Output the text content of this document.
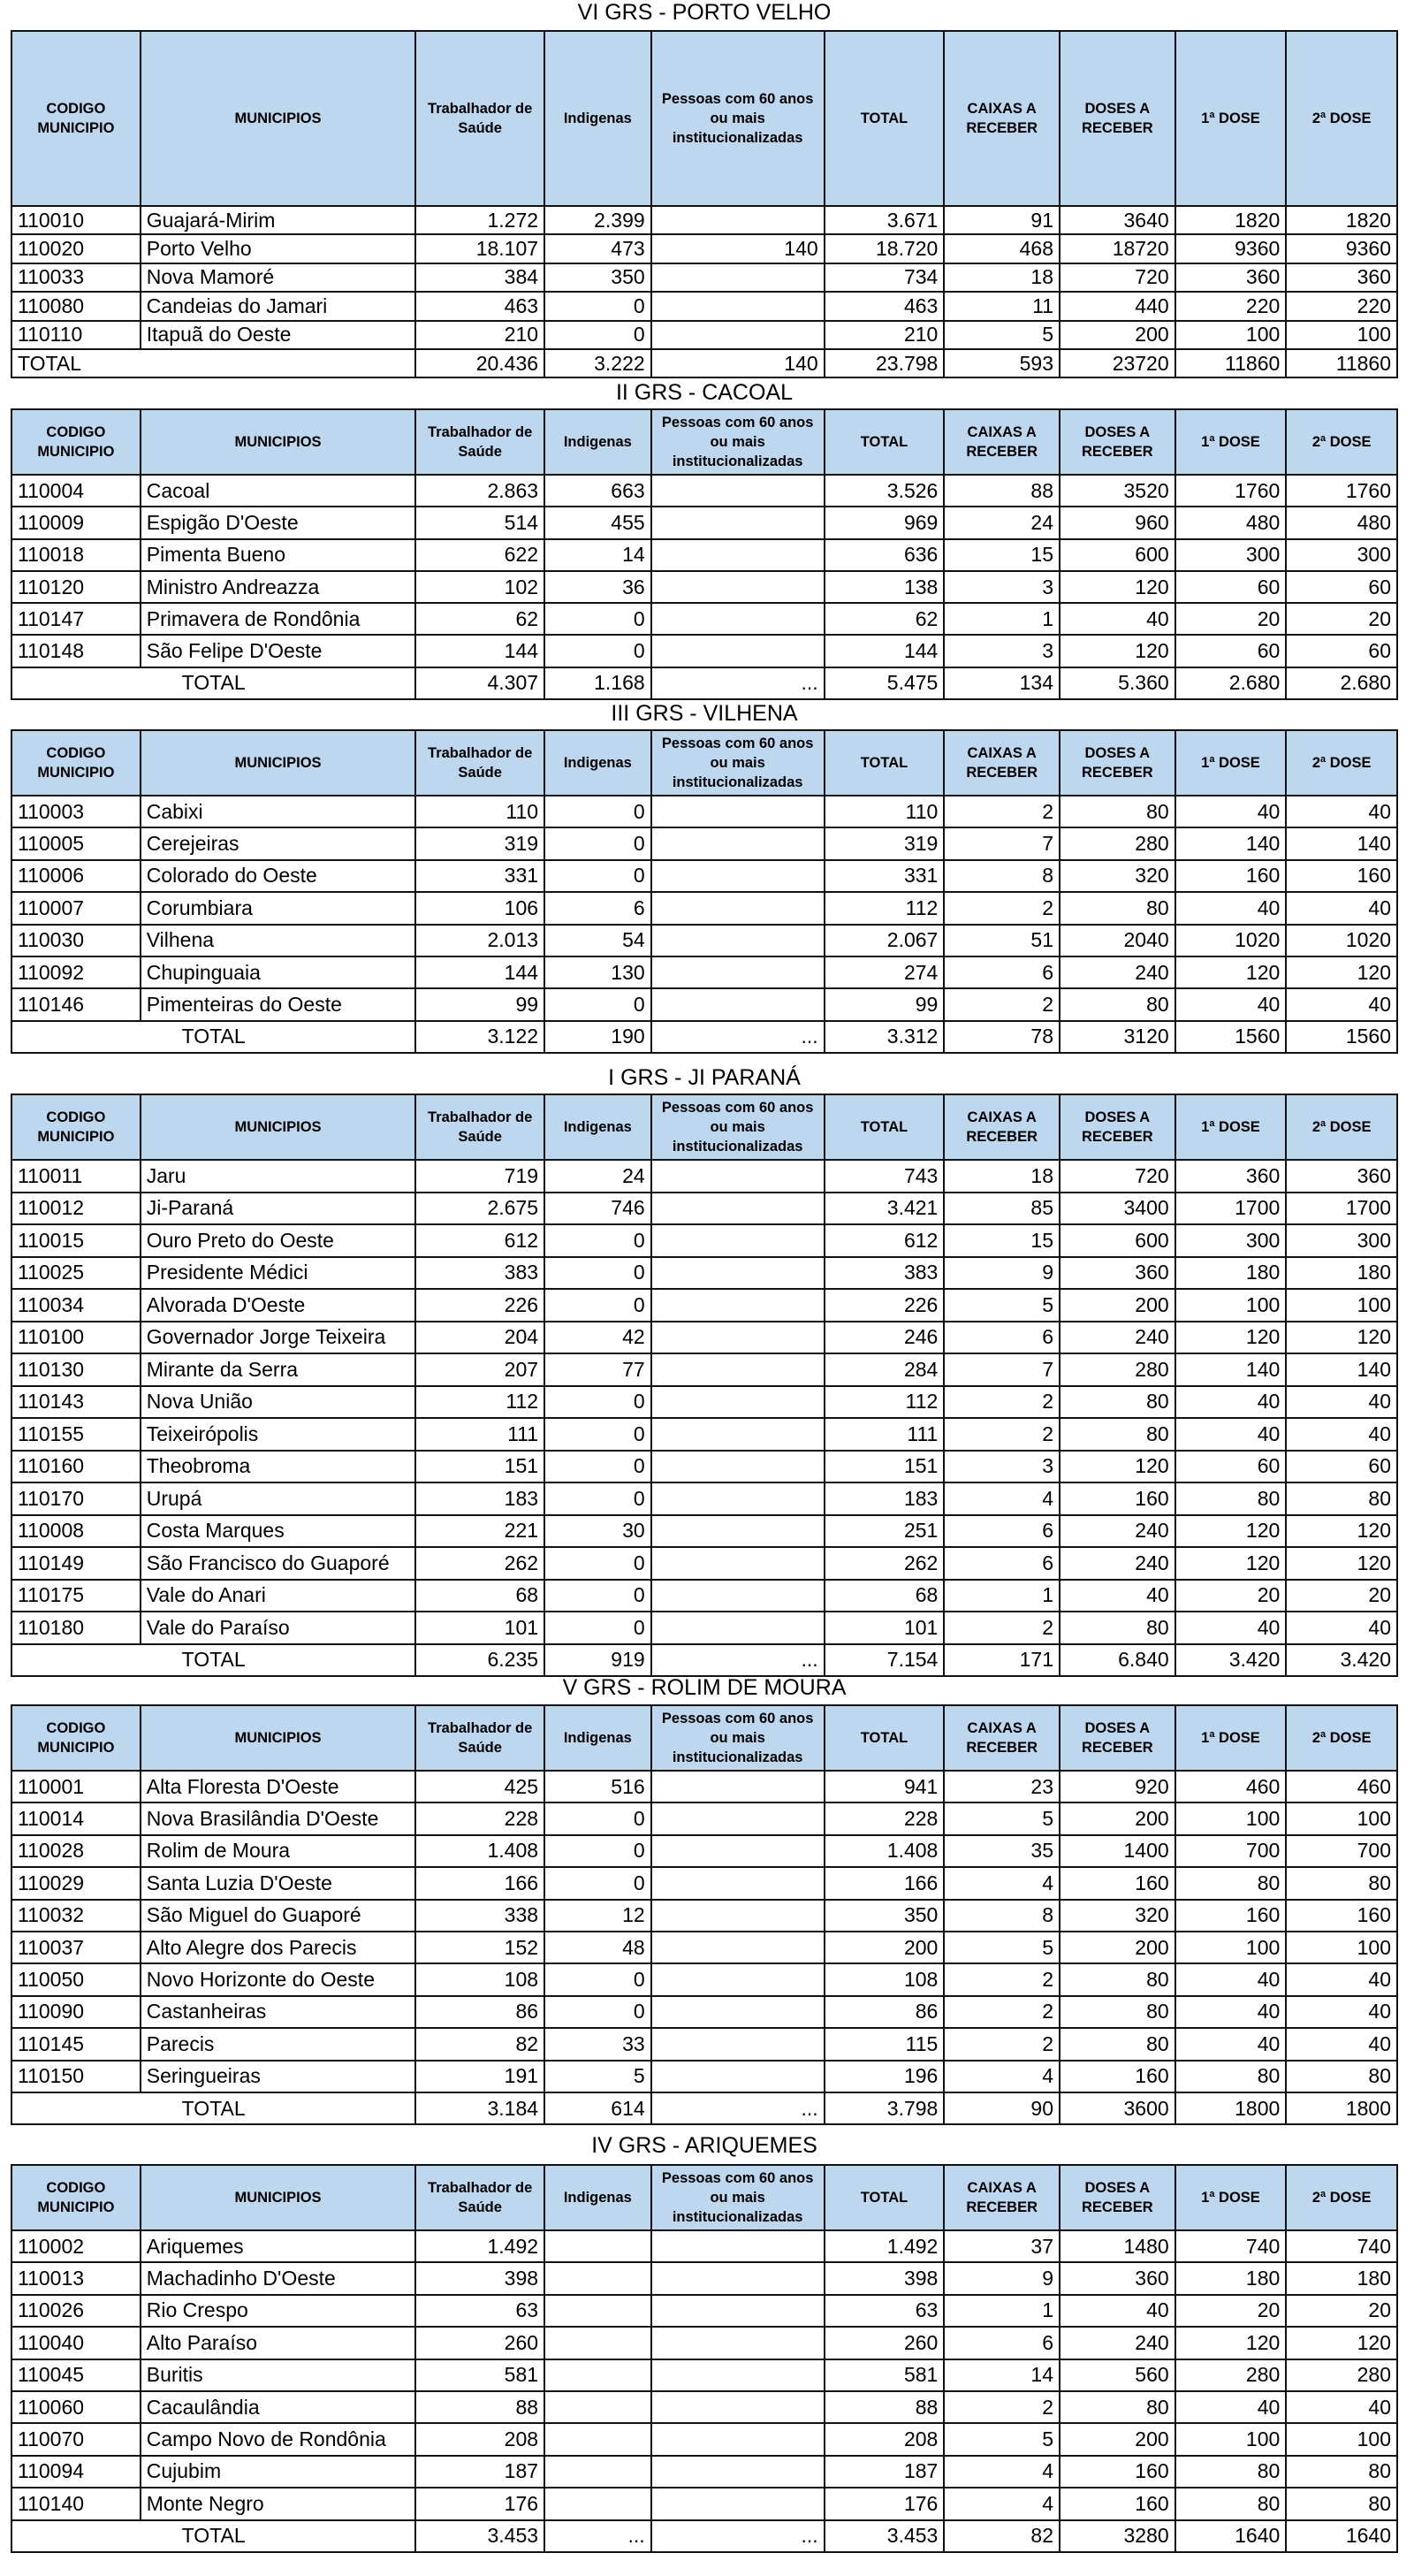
VI GRS - PORTO VELHO
CODIGO MUNICIPIO	MUNICIPIOS	Trabalhador de Saúde	Indigenas	Pessoas com 60 anos ou mais institucionalizadas	TOTAL	CAIXAS A RECEBER	DOSES A RECEBER	1ª DOSE	2ª DOSE
110010	Guajará-Mirim	1.272	2.399		3.671	91	3640	1820	1820
110020	Porto Velho	18.107	473	140	18.720	468	18720	9360	9360
110033	Nova Mamoré	384	350		734	18	720	360	360
110080	Candeias do Jamari	463	0		463	11	440	220	220
110110	Itapuã do Oeste	210	0		210	5	200	100	100
TOTAL		20.436	3.222	140	23.798	593	23720	11860	11860
II GRS - CACOAL
CODIGO MUNICIPIO	MUNICIPIOS	Trabalhador de Saúde	Indigenas	Pessoas com 60 anos ou mais institucionalizadas	TOTAL	CAIXAS A RECEBER	DOSES A RECEBER	1ª DOSE	2ª DOSE
110004	Cacoal	2.863	663		3.526	88	3520	1760	1760
110009	Espigão D'Oeste	514	455		969	24	960	480	480
110018	Pimenta Bueno	622	14		636	15	600	300	300
110120	Ministro Andreazza	102	36		138	3	120	60	60
110147	Primavera de Rondônia	62	0		62	1	40	20	20
110148	São Felipe D'Oeste	144	0		144	3	120	60	60
TOTAL		4.307	1.168	...	5.475	134	5.360	2.680	2.680
III GRS - VILHENA
CODIGO MUNICIPIO	MUNICIPIOS	Trabalhador de Saúde	Indigenas	Pessoas com 60 anos ou mais institucionalizadas	TOTAL	CAIXAS A RECEBER	DOSES A RECEBER	1ª DOSE	2ª DOSE
110003	Cabixi	110	0		110	2	80	40	40
110005	Cerejeiras	319	0		319	7	280	140	140
110006	Colorado do Oeste	331	0		331	8	320	160	160
110007	Corumbiara	106	6		112	2	80	40	40
110030	Vilhena	2.013	54		2.067	51	2040	1020	1020
110092	Chupinguaia	144	130		274	6	240	120	120
110146	Pimenteiras do Oeste	99	0		99	2	80	40	40
TOTAL		3.122	190	...	3.312	78	3120	1560	1560
I GRS - JI PARANÁ
CODIGO MUNICIPIO	MUNICIPIOS	Trabalhador de Saúde	Indigenas	Pessoas com 60 anos ou mais institucionalizadas	TOTAL	CAIXAS A RECEBER	DOSES A RECEBER	1ª DOSE	2ª DOSE
110011	Jaru	719	24		743	18	720	360	360
110012	Ji-Paraná	2.675	746		3.421	85	3400	1700	1700
110015	Ouro Preto do Oeste	612	0		612	15	600	300	300
110025	Presidente Médici	383	0		383	9	360	180	180
110034	Alvorada D'Oeste	226	0		226	5	200	100	100
110100	Governador Jorge Teixeira	204	42		246	6	240	120	120
110130	Mirante da Serra	207	77		284	7	280	140	140
110143	Nova União	112	0		112	2	80	40	40
110155	Teixeirópolis	111	0		111	2	80	40	40
110160	Theobroma	151	0		151	3	120	60	60
110170	Urupá	183	0		183	4	160	80	80
110008	Costa Marques	221	30		251	6	240	120	120
110149	São Francisco do Guaporé	262	0		262	6	240	120	120
110175	Vale do Anari	68	0		68	1	40	20	20
110180	Vale do Paraíso	101	0		101	2	80	40	40
TOTAL		6.235	919	...	7.154	171	6.840	3.420	3.420
V GRS - ROLIM DE MOURA
CODIGO MUNICIPIO	MUNICIPIOS	Trabalhador de Saúde	Indigenas	Pessoas com 60 anos ou mais institucionalizadas	TOTAL	CAIXAS A RECEBER	DOSES A RECEBER	1ª DOSE	2ª DOSE
110001	Alta Floresta D'Oeste	425	516		941	23	920	460	460
110014	Nova Brasilândia D'Oeste	228	0		228	5	200	100	100
110028	Rolim de Moura	1.408	0		1.408	35	1400	700	700
110029	Santa Luzia D'Oeste	166	0		166	4	160	80	80
110032	São Miguel do Guaporé	338	12		350	8	320	160	160
110037	Alto Alegre dos Parecis	152	48		200	5	200	100	100
110050	Novo Horizonte do Oeste	108	0		108	2	80	40	40
110090	Castanheiras	86	0		86	2	80	40	40
110145	Parecis	82	33		115	2	80	40	40
110150	Seringueiras	191	5		196	4	160	80	80
TOTAL		3.184	614	...	3.798	90	3600	1800	1800
IV GRS - ARIQUEMES
CODIGO MUNICIPIO	MUNICIPIOS	Trabalhador de Saúde	Indigenas	Pessoas com 60 anos ou mais institucionalizadas	TOTAL	CAIXAS A RECEBER	DOSES A RECEBER	1ª DOSE	2ª DOSE
110002	Ariquemes	1.492			1.492	37	1480	740	740
110013	Machadinho D'Oeste	398			398	9	360	180	180
110026	Rio Crespo	63			63	1	40	20	20
110040	Alto Paraíso	260			260	6	240	120	120
110045	Buritis	581			581	14	560	280	280
110060	Cacaulândia	88			88	2	80	40	40
110070	Campo Novo de Rondônia	208			208	5	200	100	100
110094	Cujubim	187			187	4	160	80	80
110140	Monte Negro	176			176	4	160	80	80
TOTAL		3.453	...	...	3.453	82	3280	1640	1640
